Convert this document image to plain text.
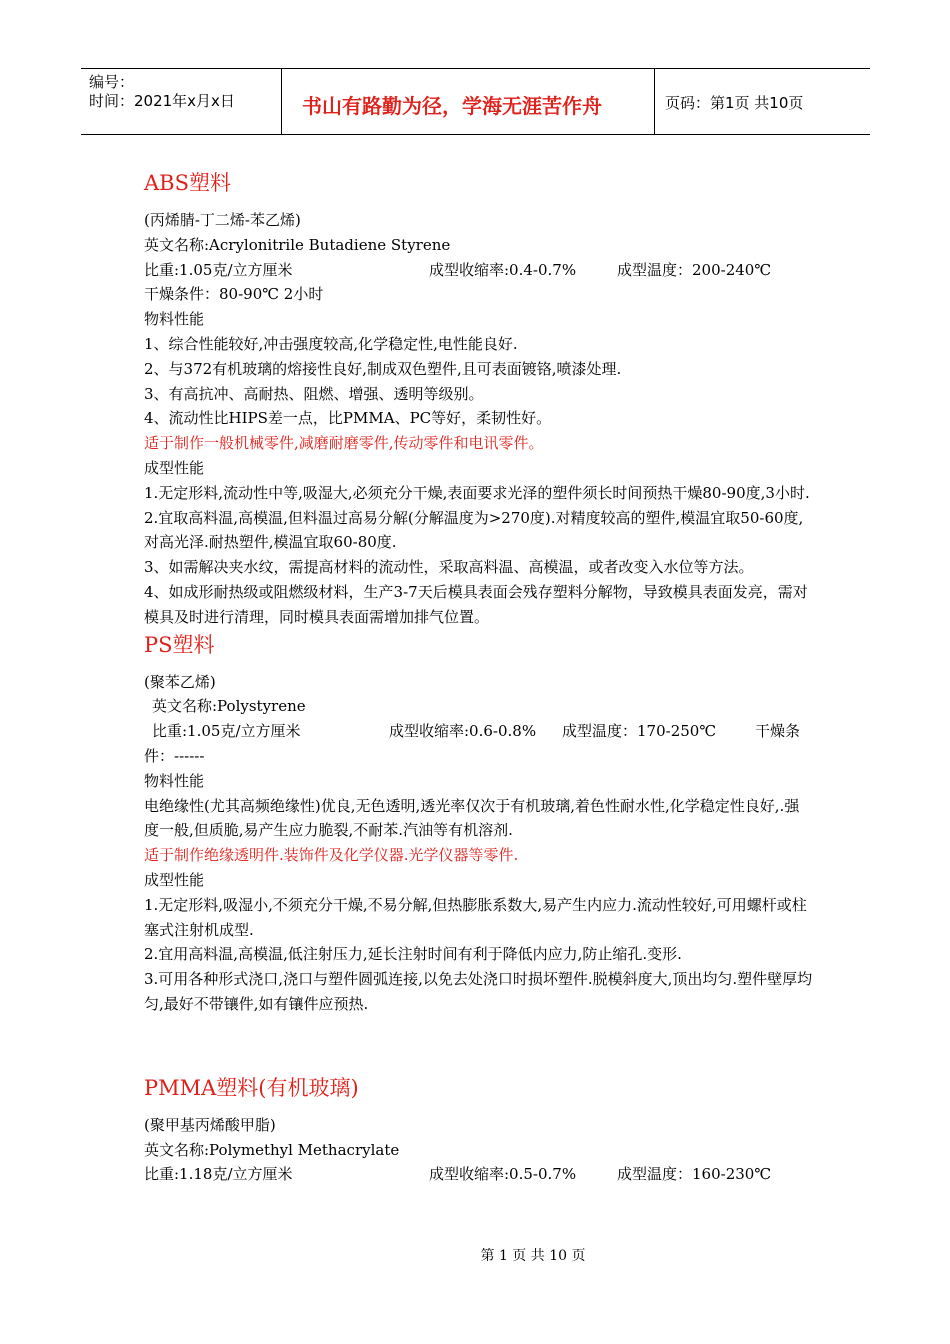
编号：
时间：2021年x月x日	书山有路勤为径，学海无涯苦作舟	页码：第1页 共10页
ABS塑料

(丙烯腈-丁二烯-苯乙烯)

英文名称:Acrylonitrile Butadiene Styrene

比重:1.05克/立方厘米	成型收缩率:0.4-0.7%	成型温度：200-240℃

干燥条件：80-90℃ 2小时

物料性能

1、综合性能较好,冲击强度较高,化学稳定性,电性能良好.

2、与372有机玻璃的熔接性良好,制成双色塑件,且可表面镀铬,喷漆处理.

3、有高抗冲、高耐热、阻燃、增强、透明等级别。

4、流动性比HIPS差一点，比PMMA、PC等好，柔韧性好。

适于制作一般机械零件,减磨耐磨零件,传动零件和电讯零件。

成型性能

1.无定形料,流动性中等,吸湿大,必须充分干燥,表面要求光泽的塑件须长时间预热干燥80-90度,3小时.

2.宜取高料温,高模温,但料温过高易分解(分解温度为>270度).对精度较高的塑件,模温宜取50-60度,对高光泽.耐热塑件,模温宜取60-80度.

3、如需解决夹水纹，需提高材料的流动性，采取高料温、高模温，或者改变入水位等方法。

4、如成形耐热级或阻燃级材料，生产3-7天后模具表面会残存塑料分解物，导致模具表面发亮，需对模具及时进行清理，同时模具表面需增加排气位置。

PS塑料

(聚苯乙烯)

英文名称:Polystyrene

比重:1.05克/立方厘米	成型收缩率:0.6-0.8%	成型温度：170-250℃	干燥条

件：------

物料性能

电绝缘性(尤其高频绝缘性)优良,无色透明,透光率仅次于有机玻璃,着色性耐水性,化学稳定性良好,.强度一般,但质脆,易产生应力脆裂,不耐苯.汽油等有机溶剂.

适于制作绝缘透明件.装饰件及化学仪器.光学仪器等零件.

成型性能

1.无定形料,吸湿小,不须充分干燥,不易分解,但热膨胀系数大,易产生内应力.流动性较好,可用螺杆或柱塞式注射机成型.

2.宜用高料温,高模温,低注射压力,延长注射时间有利于降低内应力,防止缩孔.变形.

3.可用各种形式浇口,浇口与塑件圆弧连接,以免去处浇口时损坏塑件.脱模斜度大,顶出均匀.塑件壁厚均匀,最好不带镶件,如有镶件应预热.

PMMA塑料(有机玻璃)

(聚甲基丙烯酸甲脂)

英文名称:Polymethyl Methacrylate

比重:1.18克/立方厘米	成型收缩率:0.5-0.7%	成型温度：160-230℃
第 1 页 共 10 页
